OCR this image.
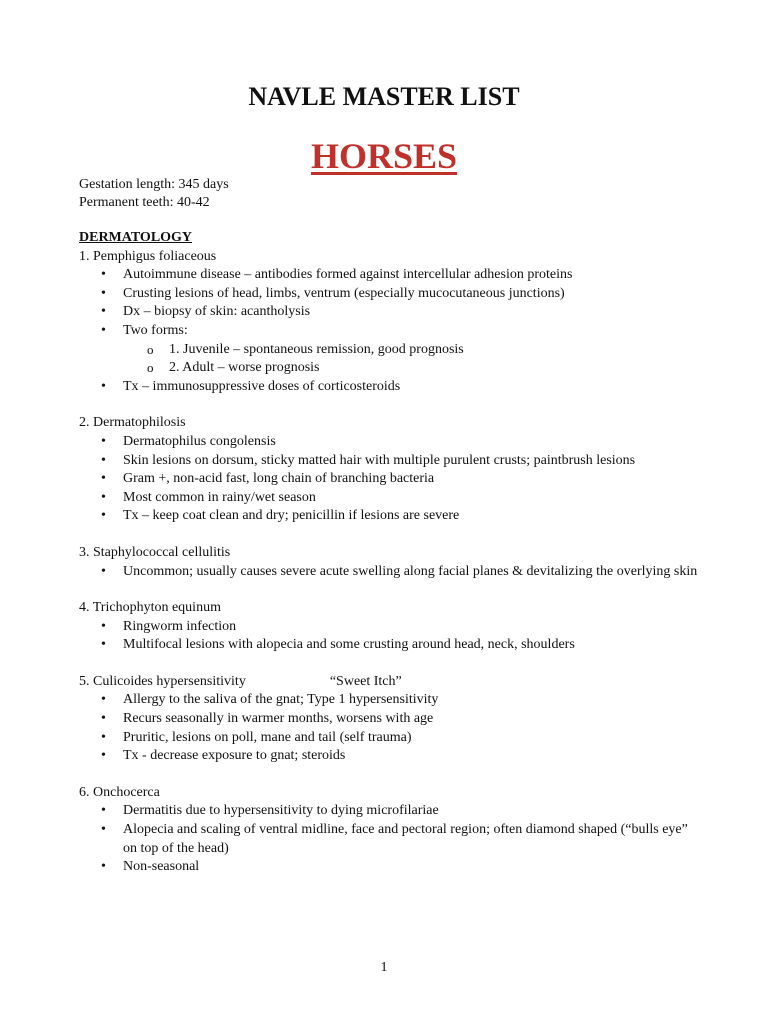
NAVLE MASTER LIST
HORSES
Gestation length: 345 days
Permanent teeth: 40-42
DERMATOLOGY
1. Pemphigus foliaceous
• Autoimmune disease – antibodies formed against intercellular adhesion proteins
• Crusting lesions of head, limbs, ventrum (especially mucocutaneous junctions)
• Dx – biopsy of skin: acantholysis
• Two forms:
o 1. Juvenile – spontaneous remission, good prognosis
o 2. Adult – worse prognosis
• Tx – immunosuppressive doses of corticosteroids
2. Dermatophilosis
• Dermatophilus congolensis
• Skin lesions on dorsum, sticky matted hair with multiple purulent crusts; paintbrush lesions
• Gram +, non-acid fast, long chain of branching bacteria
• Most common in rainy/wet season
• Tx – keep coat clean and dry; penicillin if lesions are severe
3. Staphylococcal cellulitis
• Uncommon; usually causes severe acute swelling along facial planes & devitalizing the overlying skin
4. Trichophyton equinum
• Ringworm infection
• Multifocal lesions with alopecia and some crusting around head, neck, shoulders
5. Culicoides hypersensitivity	“Sweet Itch”
• Allergy to the saliva of the gnat; Type 1 hypersensitivity
• Recurs seasonally in warmer months, worsens with age
• Pruritic, lesions on poll, mane and tail (self trauma)
• Tx - decrease exposure to gnat; steroids
6. Onchocerca
• Dermatitis due to hypersensitivity to dying microfilariae
• Alopecia and scaling of ventral midline, face and pectoral region; often diamond shaped (“bulls eye” on top of the head)
• Non-seasonal
1
